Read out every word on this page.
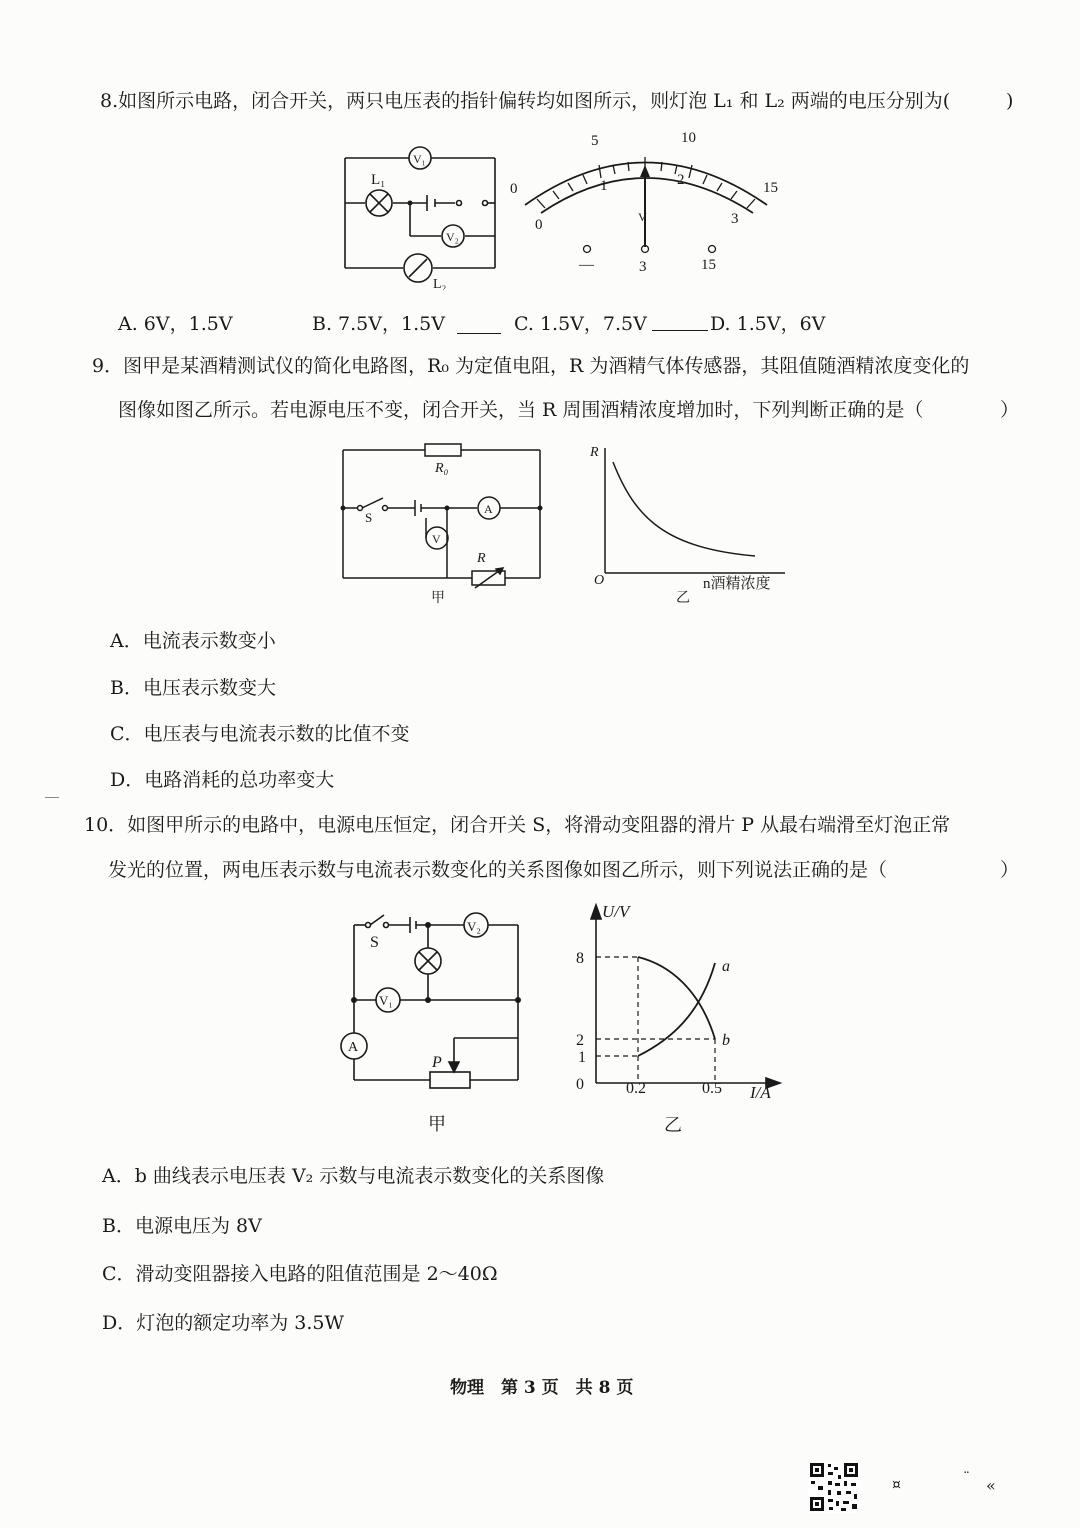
8.如图所示电路，闭合开关，两只电压表的指针偏转均如图所示，则灯泡 L₁ 和 L₂ 两端的电压分别为(	)
V₁
V₂
L₁
L₂
V
0
5	10
15
0
1	2
3
—	3	15
A. 6V，1.5V	B. 7.5V，1.5V	C. 1.5V，7.5V	D. 1.5V，6V
9．图甲是某酒精测试仪的简化电路图，R₀ 为定值电阻，R 为酒精气体传感器，其阻值随酒精浓度变化的
图像如图乙所示。若电源电压不变，闭合开关，当 R 周围酒精浓度增加时，下列判断正确的是（	）
R₀
S
A
V
R
甲
R
O	n酒精浓度
乙
A．电流表示数变小
B．电压表示数变大
C．电压表与电流表示数的比值不变
D．电路消耗的总功率变大
10．如图甲所示的电路中，电源电压恒定，闭合开关 S，将滑动变阻器的滑片 P 从最右端滑至灯泡正常
发光的位置，两电压表示数与电流表示数变化的关系图像如图乙所示，则下列说法正确的是（	）
S
V₂
V₁
A
P
甲
U/V
8
2
1
0	0.2	0.5 I/A
a
b
乙
A．b 曲线表示电压表 V₂ 示数与电流表示数变化的关系图像
B．电源电压为 8V
C．滑动变阻器接入电路的阻值范围是 2～40Ω
D．灯泡的额定功率为 3.5W
物理　第 3 页　共 8 页
¤	¨ «
